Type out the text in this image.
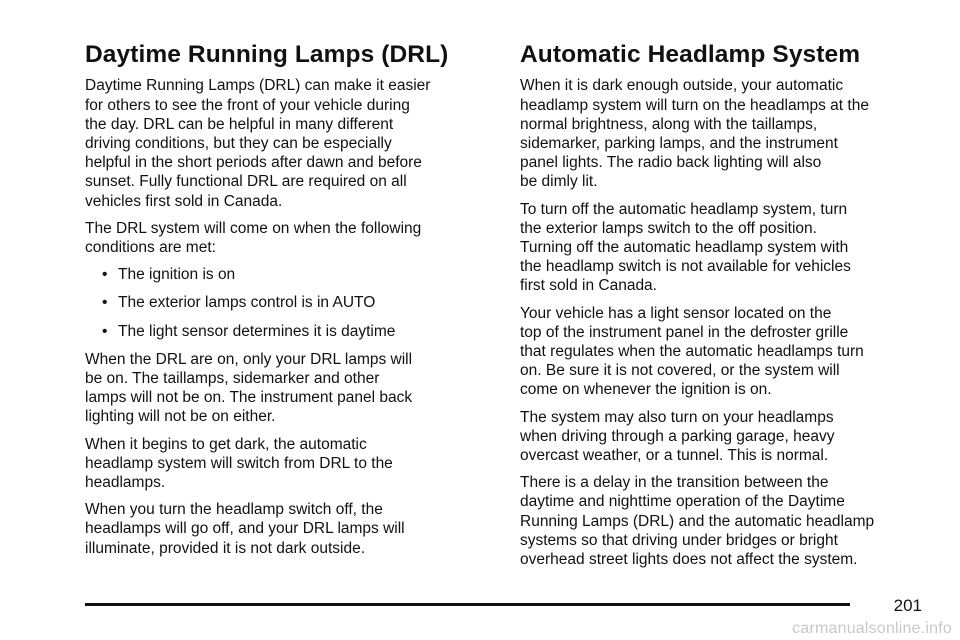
Daytime Running Lamps (DRL)

Daytime Running Lamps (DRL) can make it easier
for others to see the front of your vehicle during
the day. DRL can be helpful in many different
driving conditions, but they can be especially
helpful in the short periods after dawn and before
sunset. Fully functional DRL are required on all
vehicles first sold in Canada.

The DRL system will come on when the following
conditions are met:

• The ignition is on
• The exterior lamps control is in AUTO
• The light sensor determines it is daytime

When the DRL are on, only your DRL lamps will
be on. The taillamps, sidemarker and other
lamps will not be on. The instrument panel back
lighting will not be on either.

When it begins to get dark, the automatic
headlamp system will switch from DRL to the
headlamps.

When you turn the headlamp switch off, the
headlamps will go off, and your DRL lamps will
illuminate, provided it is not dark outside.

Automatic Headlamp System

When it is dark enough outside, your automatic
headlamp system will turn on the headlamps at the
normal brightness, along with the taillamps,
sidemarker, parking lamps, and the instrument
panel lights. The radio back lighting will also
be dimly lit.

To turn off the automatic headlamp system, turn
the exterior lamps switch to the off position.
Turning off the automatic headlamp system with
the headlamp switch is not available for vehicles
first sold in Canada.

Your vehicle has a light sensor located on the
top of the instrument panel in the defroster grille
that regulates when the automatic headlamps turn
on. Be sure it is not covered, or the system will
come on whenever the ignition is on.

The system may also turn on your headlamps
when driving through a parking garage, heavy
overcast weather, or a tunnel. This is normal.

There is a delay in the transition between the
daytime and nighttime operation of the Daytime
Running Lamps (DRL) and the automatic headlamp
systems so that driving under bridges or bright
overhead street lights does not affect the system.

201
carmanualsonline.info
